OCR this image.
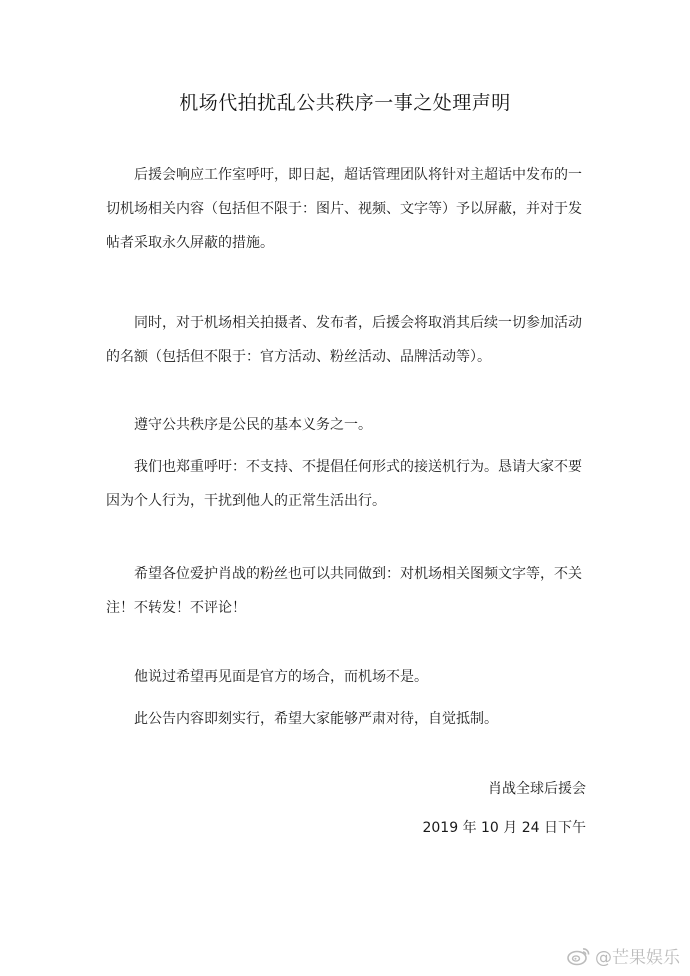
机场代拍扰乱公共秩序一事之处理声明
后援会响应工作室呼吁，即日起，超话管理团队将针对主超话中发布的一切机场相关内容（包括但不限于：图片、视频、文字等）予以屏蔽，并对于发帖者采取永久屏蔽的措施。
同时，对于机场相关拍摄者、发布者，后援会将取消其后续一切参加活动的名额（包括但不限于：官方活动、粉丝活动、品牌活动等）。
遵守公共秩序是公民的基本义务之一。
我们也郑重呼吁：不支持、不提倡任何形式的接送机行为。恳请大家不要因为个人行为，干扰到他人的正常生活出行。
希望各位爱护肖战的粉丝也可以共同做到：对机场相关图频文字等，不关注！不转发！不评论！
他说过希望再见面是官方的场合，而机场不是。
此公告内容即刻实行，希望大家能够严肃对待，自觉抵制。
肖战全球后援会
2019 年 10 月 24 日下午
@芒果娱乐
